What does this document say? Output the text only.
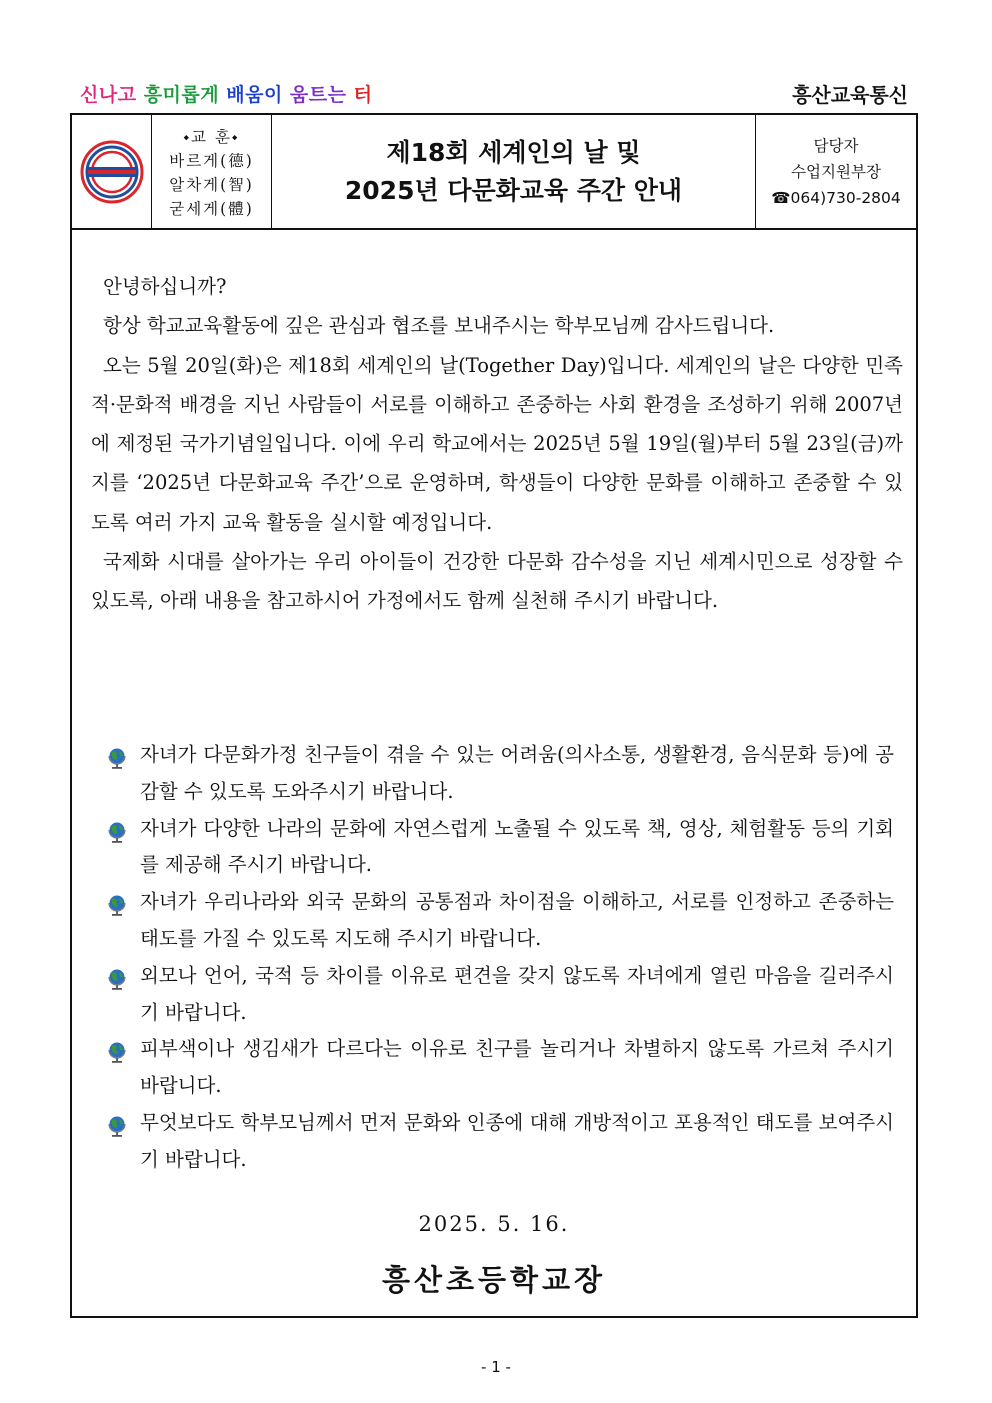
신나고 흥미롭게 배움이 움트는 터	흥산교육통신
⬩교 훈⬩
바르게(德)
알차게(智)
굳세게(體)
제18회 세계인의 날 및
2025년 다문화교육 주간 안내
담당자
수업지원부장
☎064)730-2804

안녕하십니까?

항상 학교교육활동에 깊은 관심과 협조를 보내주시는 학부모님께 감사드립니다.

오는 5월 20일(화)은 제18회 세계인의 날(Together Day)입니다. 세계인의 날은 다양한 민족적·문화적 배경을 지닌 사람들이 서로를 이해하고 존중하는 사회 환경을 조성하기 위해 2007년에 제정된 국가기념일입니다. 이에 우리 학교에서는 2025년 5월 19일(월)부터 5월 23일(금)까지를 ‘2025년 다문화교육 주간’으로 운영하며, 학생들이 다양한 문화를 이해하고 존중할 수 있도록 여러 가지 교육 활동을 실시할 예정입니다.

국제화 시대를 살아가는 우리 아이들이 건강한 다문화 감수성을 지닌 세계시민으로 성장할 수 있도록, 아래 내용을 참고하시어 가정에서도 함께 실천해 주시기 바랍니다.

자녀가 다문화가정 친구들이 겪을 수 있는 어려움(의사소통, 생활환경, 음식문화 등)에 공감할 수 있도록 도와주시기 바랍니다.
자녀가 다양한 나라의 문화에 자연스럽게 노출될 수 있도록 책, 영상, 체험활동 등의 기회를 제공해 주시기 바랍니다.
자녀가 우리나라와 외국 문화의 공통점과 차이점을 이해하고, 서로를 인정하고 존중하는 태도를 가질 수 있도록 지도해 주시기 바랍니다.
외모나 언어, 국적 등 차이를 이유로 편견을 갖지 않도록 자녀에게 열린 마음을 길러주시기 바랍니다.
피부색이나 생김새가 다르다는 이유로 친구를 놀리거나 차별하지 않도록 가르쳐 주시기 바랍니다.
무엇보다도 학부모님께서 먼저 문화와 인종에 대해 개방적이고 포용적인 태도를 보여주시기 바랍니다.
2025. 5. 16.
흥산초등학교장
- 1 -
